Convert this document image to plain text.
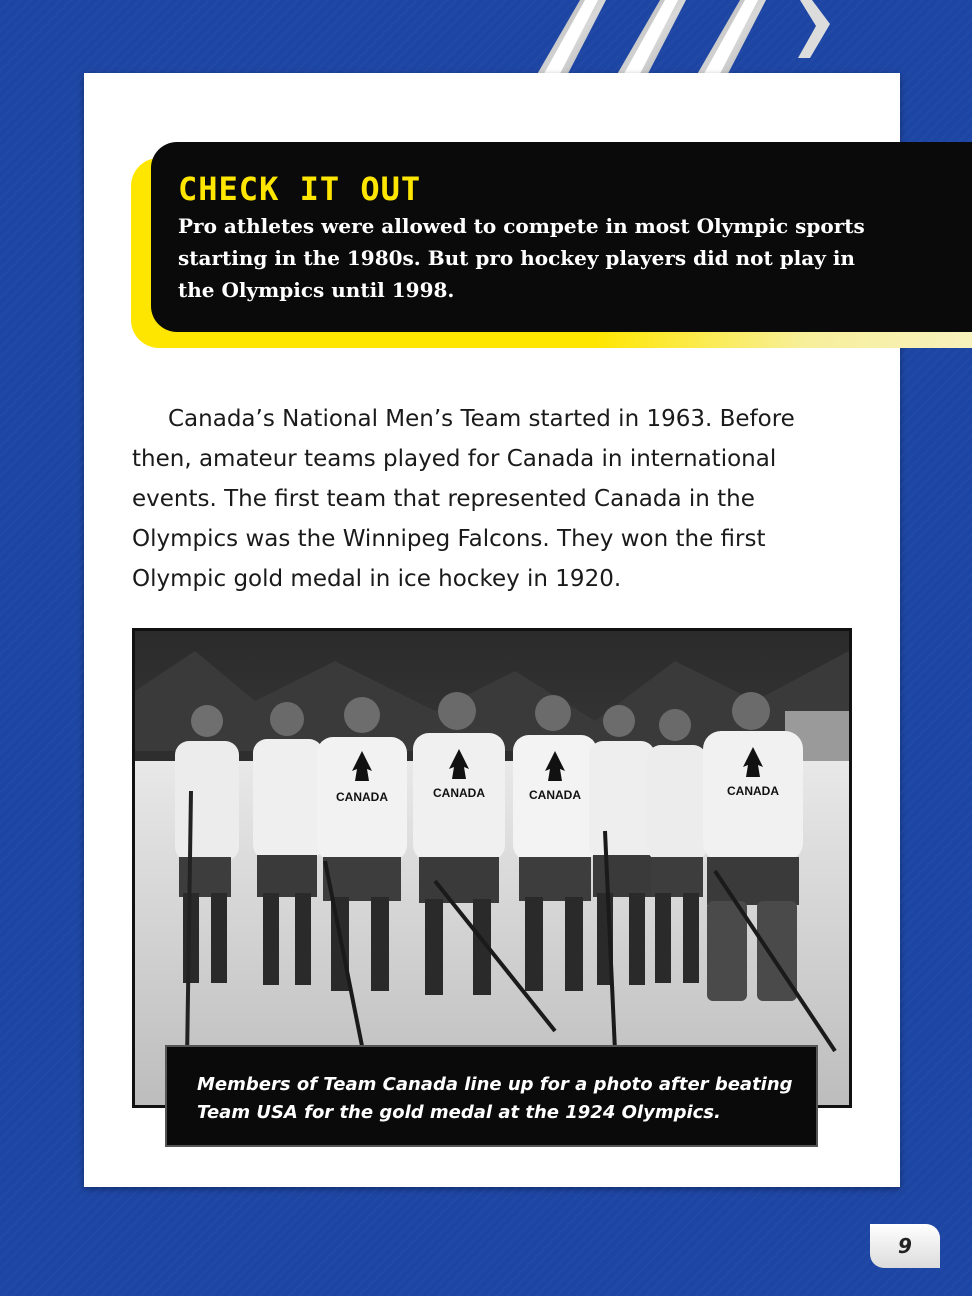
CHECK IT OUT

Pro athletes were allowed to compete in most Olympic sports starting in the 1980s. But pro hockey players did not play in the Olympics until 1998.

Canada’s National Men’s Team started in 1963. Before then, amateur teams played for Canada in international events. The first team that represented Canada in the Olympics was the Winnipeg Falcons. They won the first Olympic gold medal in ice hockey in 1920.

CANADA	CANADA	CANADA	CANADA

Members of Team Canada line up for a photo after beating Team USA for the gold medal at the 1924 Olympics.

9
